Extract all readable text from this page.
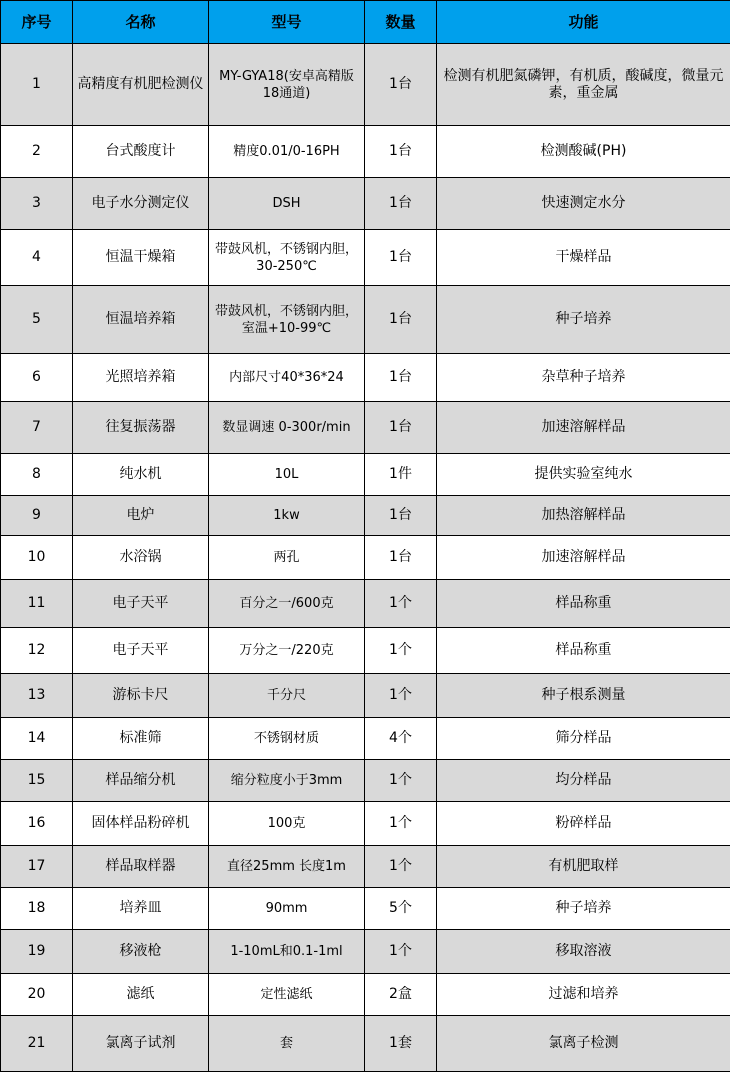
序号	名称	型号	数量	功能
1	高精度有机肥检测仪	MY-GYA18(安卓高精版18通道)	1台	检测有机肥氮磷钾，有机质，酸碱度，微量元素，重金属
2	台式酸度计	精度0.01/0-16PH	1台	检测酸碱(PH)
3	电子水分测定仪	DSH	1台	快速测定水分
4	恒温干燥箱	带鼓风机，不锈钢内胆，30-250℃	1台	干燥样品
5	恒温培养箱	带鼓风机，不锈钢内胆，室温+10-99℃	1台	种子培养
6	光照培养箱	内部尺寸40*36*24	1台	杂草种子培养
7	往复振荡器	数显调速 0-300r/min	1台	加速溶解样品
8	纯水机	10L	1件	提供实验室纯水
9	电炉	1kw	1台	加热溶解样品
10	水浴锅	两孔	1台	加速溶解样品
11	电子天平	百分之一/600克	1个	样品称重
12	电子天平	万分之一/220克	1个	样品称重
13	游标卡尺	千分尺	1个	种子根系测量
14	标准筛	不锈钢材质	4个	筛分样品
15	样品缩分机	缩分粒度小于3mm	1个	均分样品
16	固体样品粉碎机	100克	1个	粉碎样品
17	样品取样器	直径25mm 长度1m	1个	有机肥取样
18	培养皿	90mm	5个	种子培养
19	移液枪	1-10mL和0.1-1ml	1个	移取溶液
20	滤纸	定性滤纸	2盒	过滤和培养
21	氯离子试剂	套	1套	氯离子检测
